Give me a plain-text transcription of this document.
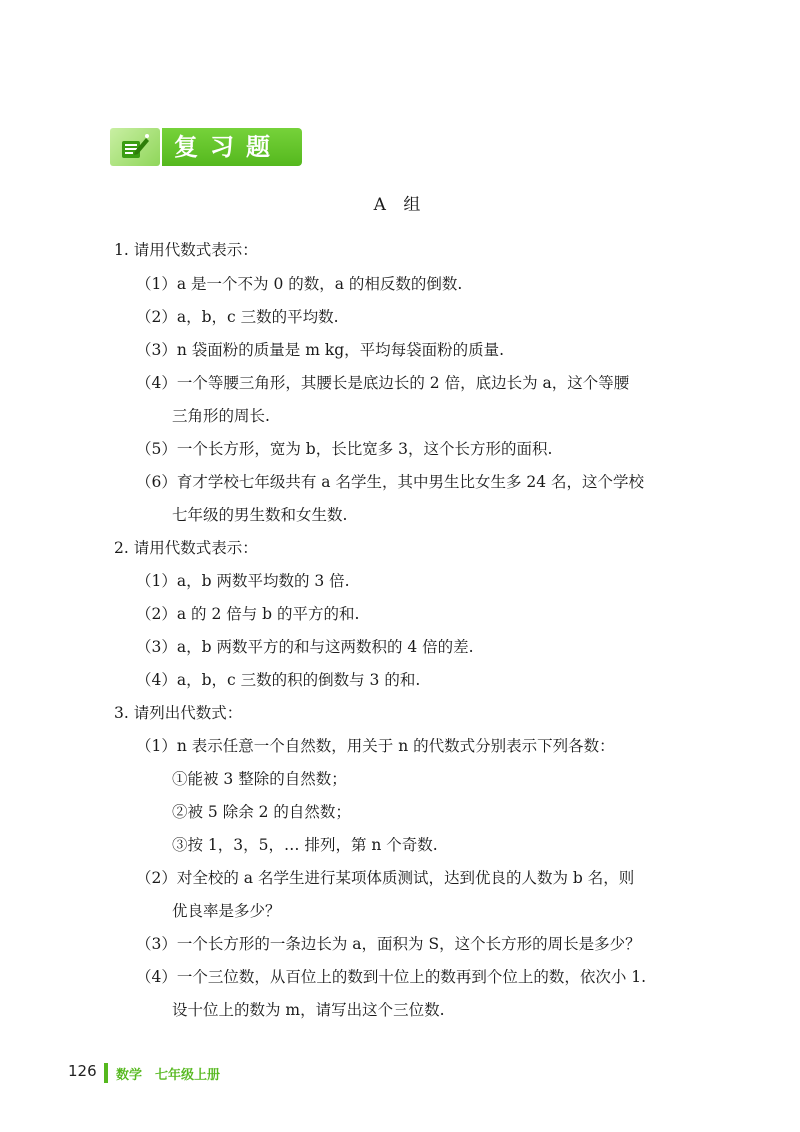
复习题
A 组
1. 请用代数式表示：
（1）a 是一个不为 0 的数，a 的相反数的倒数.
（2）a，b，c 三数的平均数.
（3）n 袋面粉的质量是 m kg，平均每袋面粉的质量.
（4）一个等腰三角形，其腰长是底边长的 2 倍，底边长为 a，这个等腰
三角形的周长.
（5）一个长方形，宽为 b，长比宽多 3，这个长方形的面积.
（6）育才学校七年级共有 a 名学生，其中男生比女生多 24 名，这个学校
七年级的男生数和女生数.
2. 请用代数式表示：
（1）a，b 两数平均数的 3 倍.
（2）a 的 2 倍与 b 的平方的和.
（3）a，b 两数平方的和与这两数积的 4 倍的差.
（4）a，b，c 三数的积的倒数与 3 的和.
3. 请列出代数式：
（1）n 表示任意一个自然数，用关于 n 的代数式分别表示下列各数：
①能被 3 整除的自然数；
②被 5 除余 2 的自然数；
③按 1，3，5，… 排列，第 n 个奇数.
（2）对全校的 a 名学生进行某项体质测试，达到优良的人数为 b 名，则
优良率是多少？
（3）一个长方形的一条边长为 a，面积为 S，这个长方形的周长是多少？
（4）一个三位数，从百位上的数到十位上的数再到个位上的数，依次小 1.
设十位上的数为 m，请写出这个三位数.
126 数学　七年级上册
